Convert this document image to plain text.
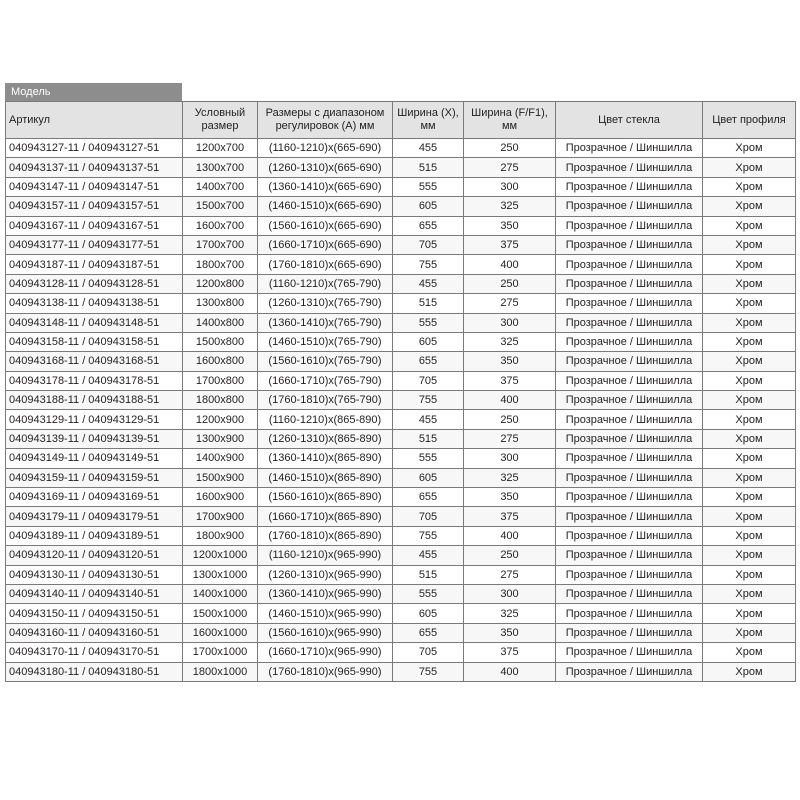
Модель
Артикул	Условный размер	Размеры с диапазоном регулировок (А) мм	Ширина (X), мм	Ширина (F/F1), мм	Цвет стекла	Цвет профиля
040943127-11 / 040943127-51	1200x700	(1160-1210)x(665-690)	455	250	Прозрачное / Шиншилла	Хром
040943137-11 / 040943137-51	1300x700	(1260-1310)x(665-690)	515	275	Прозрачное / Шиншилла	Хром
040943147-11 / 040943147-51	1400x700	(1360-1410)x(665-690)	555	300	Прозрачное / Шиншилла	Хром
040943157-11 / 040943157-51	1500x700	(1460-1510)x(665-690)	605	325	Прозрачное / Шиншилла	Хром
040943167-11 / 040943167-51	1600x700	(1560-1610)x(665-690)	655	350	Прозрачное / Шиншилла	Хром
040943177-11 / 040943177-51	1700x700	(1660-1710)x(665-690)	705	375	Прозрачное / Шиншилла	Хром
040943187-11 / 040943187-51	1800x700	(1760-1810)x(665-690)	755	400	Прозрачное / Шиншилла	Хром
040943128-11 / 040943128-51	1200x800	(1160-1210)x(765-790)	455	250	Прозрачное / Шиншилла	Хром
040943138-11 / 040943138-51	1300x800	(1260-1310)x(765-790)	515	275	Прозрачное / Шиншилла	Хром
040943148-11 / 040943148-51	1400x800	(1360-1410)x(765-790)	555	300	Прозрачное / Шиншилла	Хром
040943158-11 / 040943158-51	1500x800	(1460-1510)x(765-790)	605	325	Прозрачное / Шиншилла	Хром
040943168-11 / 040943168-51	1600x800	(1560-1610)x(765-790)	655	350	Прозрачное / Шиншилла	Хром
040943178-11 / 040943178-51	1700x800	(1660-1710)x(765-790)	705	375	Прозрачное / Шиншилла	Хром
040943188-11 / 040943188-51	1800x800	(1760-1810)x(765-790)	755	400	Прозрачное / Шиншилла	Хром
040943129-11 / 040943129-51	1200x900	(1160-1210)x(865-890)	455	250	Прозрачное / Шиншилла	Хром
040943139-11 / 040943139-51	1300x900	(1260-1310)x(865-890)	515	275	Прозрачное / Шиншилла	Хром
040943149-11 / 040943149-51	1400x900	(1360-1410)x(865-890)	555	300	Прозрачное / Шиншилла	Хром
040943159-11 / 040943159-51	1500x900	(1460-1510)x(865-890)	605	325	Прозрачное / Шиншилла	Хром
040943169-11 / 040943169-51	1600x900	(1560-1610)x(865-890)	655	350	Прозрачное / Шиншилла	Хром
040943179-11 / 040943179-51	1700x900	(1660-1710)x(865-890)	705	375	Прозрачное / Шиншилла	Хром
040943189-11 / 040943189-51	1800x900	(1760-1810)x(865-890)	755	400	Прозрачное / Шиншилла	Хром
040943120-11 / 040943120-51	1200x1000	(1160-1210)x(965-990)	455	250	Прозрачное / Шиншилла	Хром
040943130-11 / 040943130-51	1300x1000	(1260-1310)x(965-990)	515	275	Прозрачное / Шиншилла	Хром
040943140-11 / 040943140-51	1400x1000	(1360-1410)x(965-990)	555	300	Прозрачное / Шиншилла	Хром
040943150-11 / 040943150-51	1500x1000	(1460-1510)x(965-990)	605	325	Прозрачное / Шиншилла	Хром
040943160-11 / 040943160-51	1600x1000	(1560-1610)x(965-990)	655	350	Прозрачное / Шиншилла	Хром
040943170-11 / 040943170-51	1700x1000	(1660-1710)x(965-990)	705	375	Прозрачное / Шиншилла	Хром
040943180-11 / 040943180-51	1800x1000	(1760-1810)x(965-990)	755	400	Прозрачное / Шиншилла	Хром
